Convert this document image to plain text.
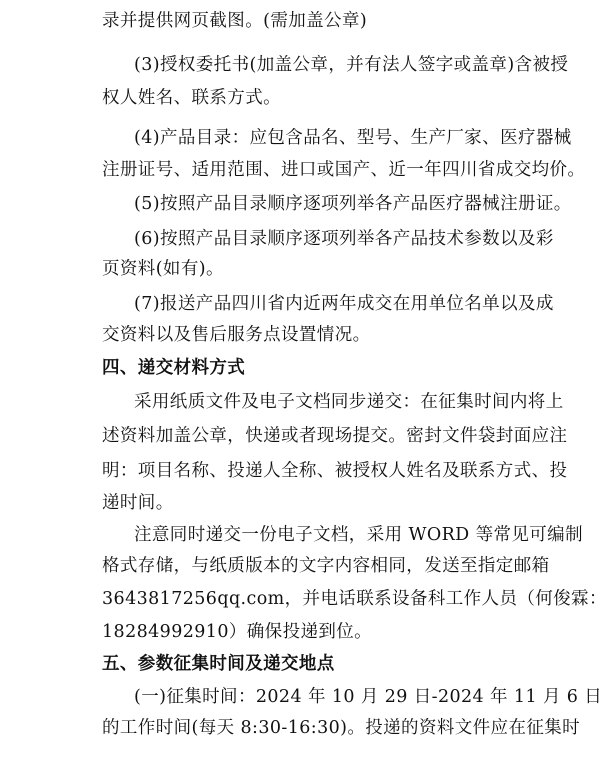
录并提供网页截图。(需加盖公章)
(3)授权委托书(加盖公章，并有法人签字或盖章)含被授
权人姓名、联系方式。
(4)产品目录：应包含品名、型号、生产厂家、医疗器械
注册证号、适用范围、进口或国产、近一年四川省成交均价。
(5)按照产品目录顺序逐项列举各产品医疗器械注册证。
(6)按照产品目录顺序逐项列举各产品技术参数以及彩
页资料(如有)。
(7)报送产品四川省内近两年成交在用单位名单以及成
交资料以及售后服务点设置情况。
四、递交材料方式
采用纸质文件及电子文档同步递交：在征集时间内将上
述资料加盖公章，快递或者现场提交。密封文件袋封面应注
明：项目名称、投递人全称、被授权人姓名及联系方式、投
递时间。
注意同时递交一份电子文档，采用 WORD 等常见可编制
格式存储，与纸质版本的文字内容相同，发送至指定邮箱
3643817256qq.com，并电话联系设备科工作人员（何俊霖：
18284992910）确保投递到位。
五、参数征集时间及递交地点
(一)征集时间：2024 年 10 月 29 日-2024 年 11 月 6 日
的工作时间(每天 8:30-16:30)。投递的资料文件应在征集时
